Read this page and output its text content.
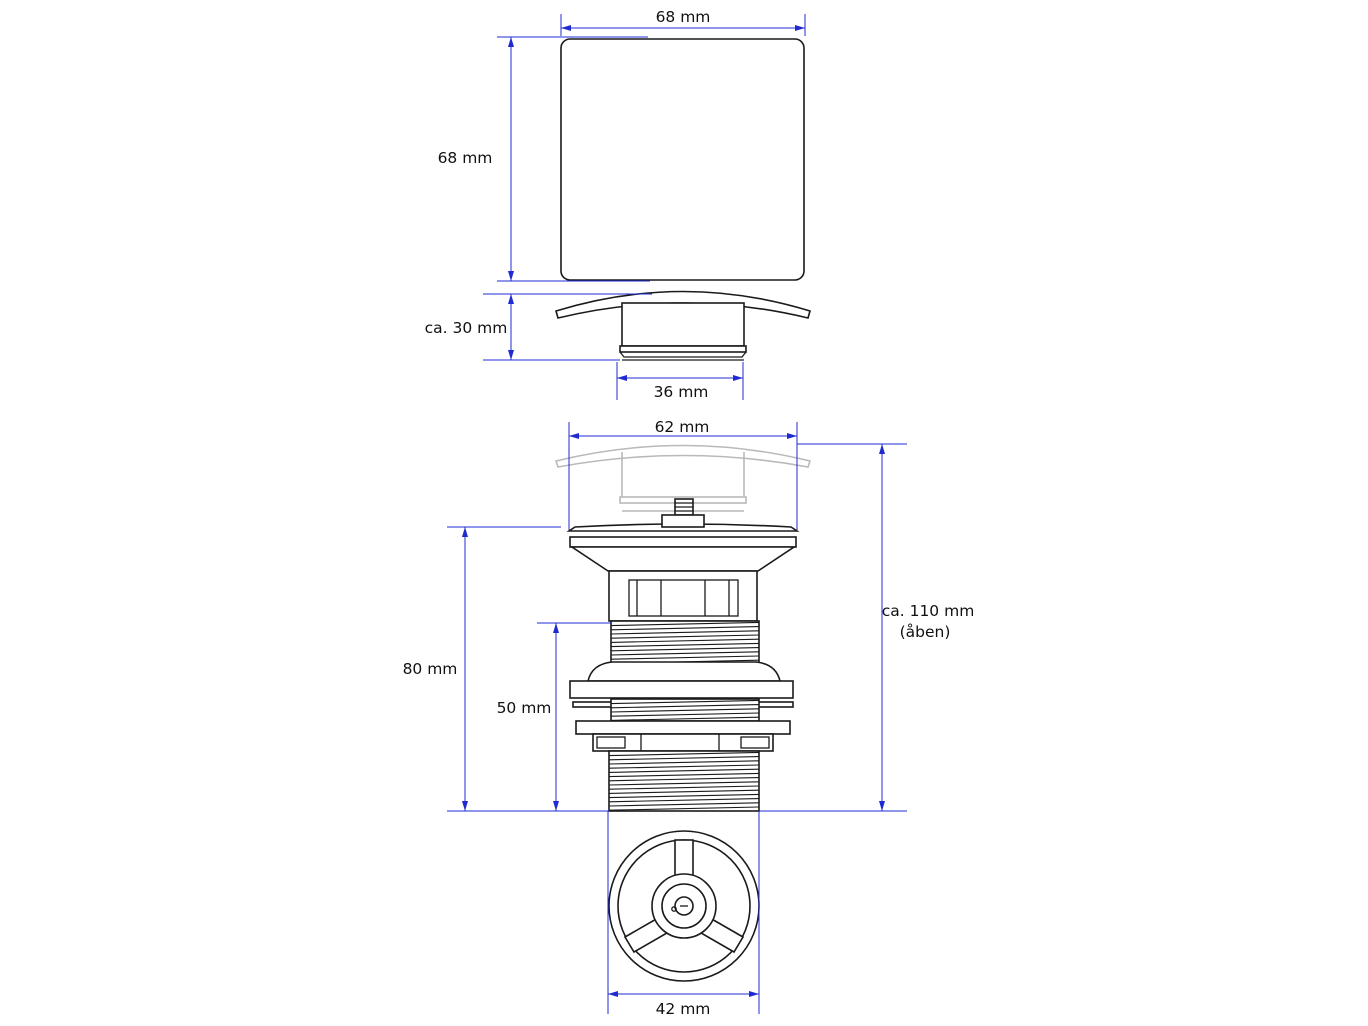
68 mm
68 mm
ca. 30 mm
36 mm
62 mm
ca. 110 mm
(åben)
80 mm
50 mm
42 mm
